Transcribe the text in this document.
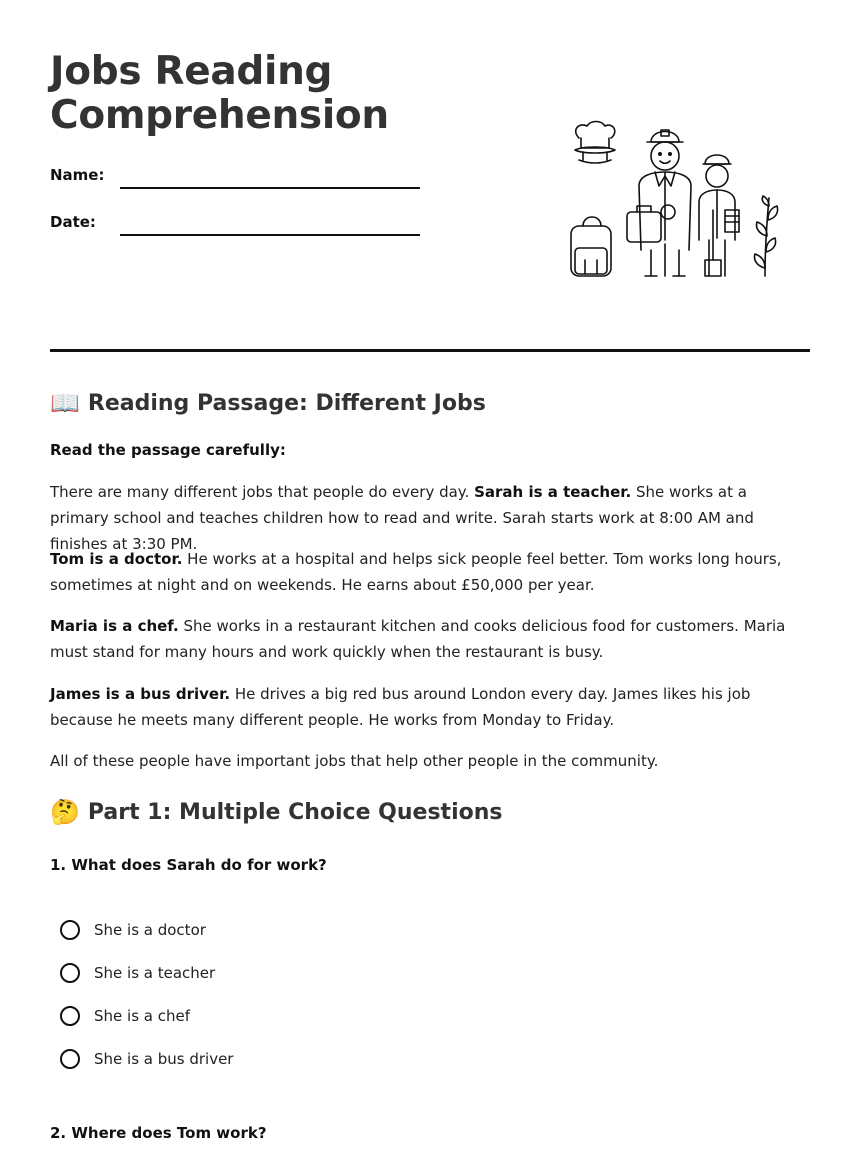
Jobs Reading
Comprehension
Name:
Date:
📖 Reading Passage: Different Jobs

Read the passage carefully:

There are many different jobs that people do every day. Sarah is a teacher. She works at a primary school and teaches children how to read and write. Sarah starts work at 8:00 AM and finishes at 3:30 PM.

Tom is a doctor. He works at a hospital and helps sick people feel better. Tom works long hours, sometimes at night and on weekends. He earns about £50,000 per year.

Maria is a chef. She works in a restaurant kitchen and cooks delicious food for customers. Maria must stand for many hours and work quickly when the restaurant is busy.

James is a bus driver. He drives a big red bus around London every day. James likes his job because he meets many different people. He works from Monday to Friday.

All of these people have important jobs that help other people in the community.

🤔 Part 1: Multiple Choice Questions

1. What does Sarah do for work?

She is a doctor
She is a teacher
She is a chef
She is a bus driver

2. Where does Tom work?
